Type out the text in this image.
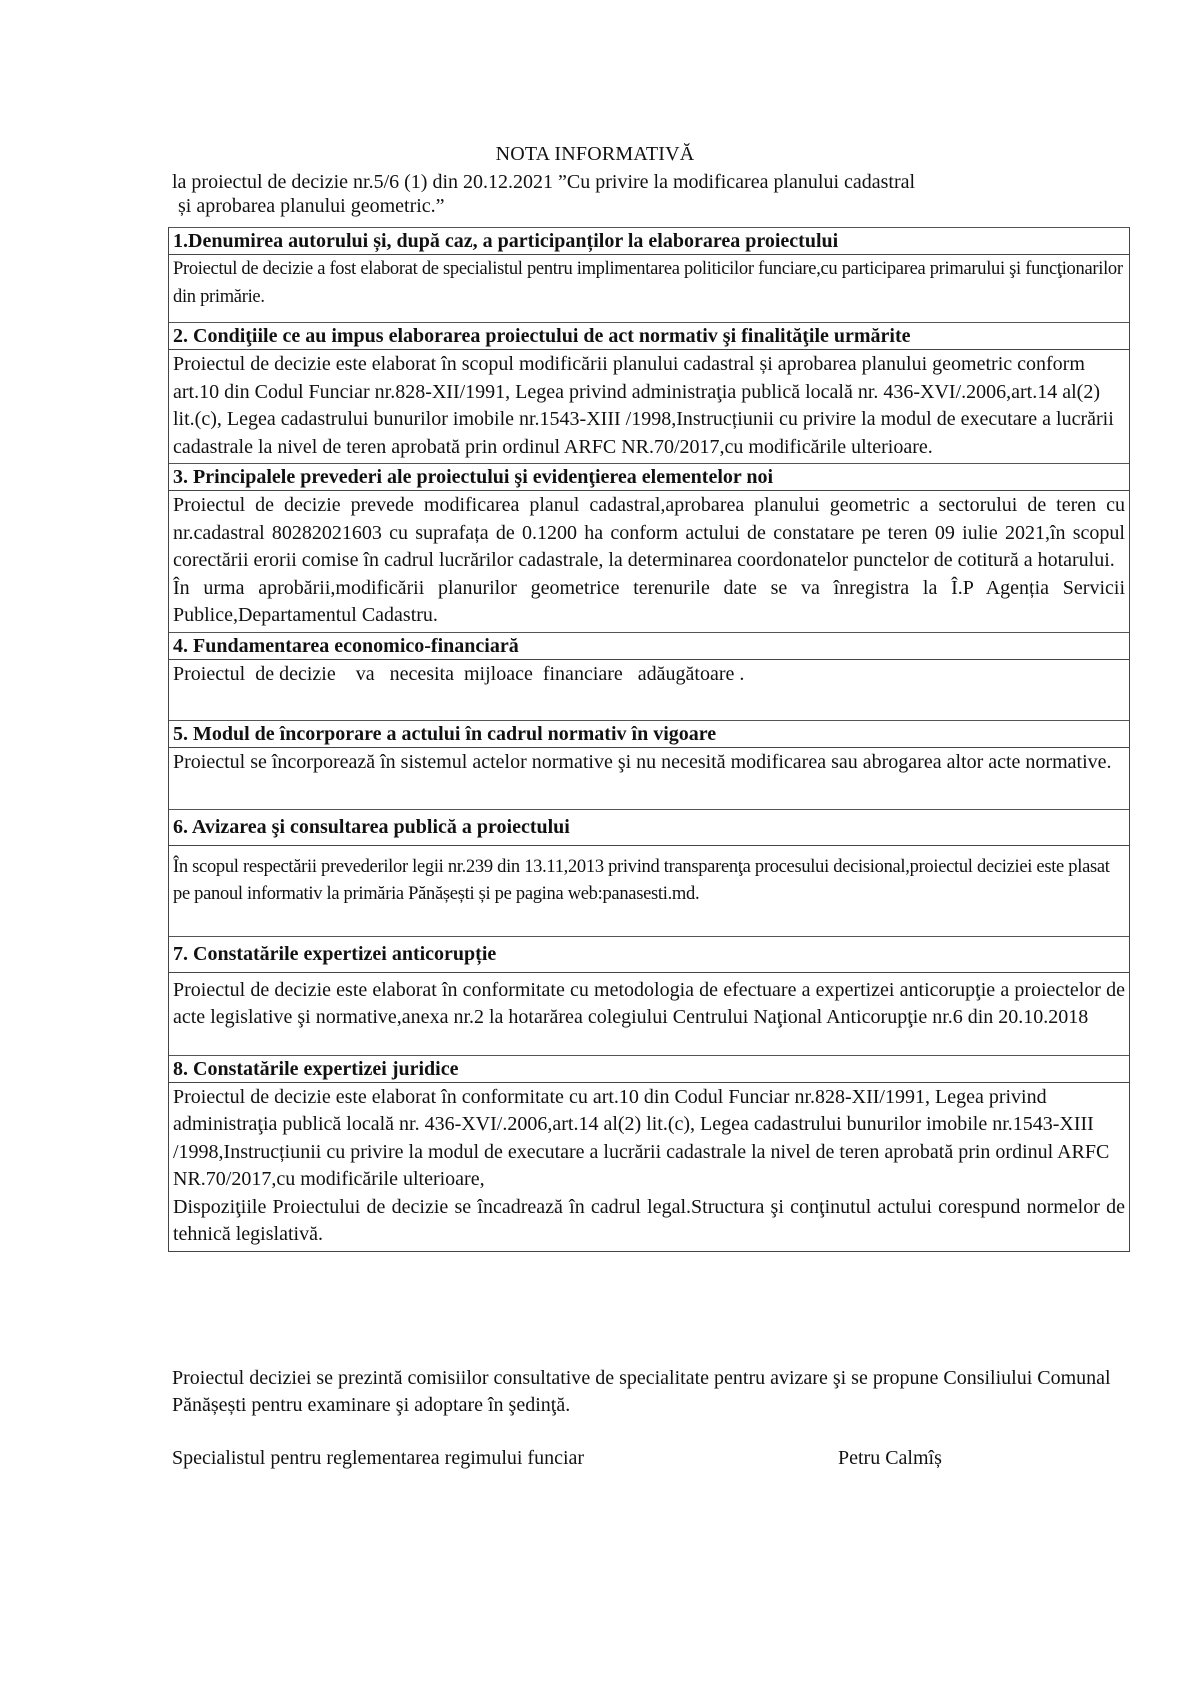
NOTA INFORMATIVĂ
la proiectul de decizie nr.5/6 (1) din 20.12.2021 ”Cu privire la modificarea planului cadastral
și aprobarea planului geometric.”
1.Denumirea autorului și, după caz, a participanților la elaborarea proiectului

Proiectul de decizie a fost elaborat de specialistul pentru implimentarea politicilor funciare,cu participarea primarului şi funcţionarilor din primărie.

2. Condiţiile ce au impus elaborarea proiectului de act normativ şi finalităţile urmărite

Proiectul de decizie este elaborat în scopul modificării planului cadastral și aprobarea planului geometric conform art.10 din Codul Funciar nr.828-XII/1991, Legea privind administraţia publică locală nr. 436-XVI/.2006,art.14 al(2) lit.(c), Legea cadastrului bunurilor imobile nr.1543-XIII /1998,Instrucțiunii cu privire la modul de executare a lucrării cadastrale la nivel de teren aprobată prin ordinul ARFC NR.70/2017,cu modificările ulterioare.

3. Principalele prevederi ale proiectului şi evidenţierea elementelor noi

Proiectul de decizie prevede modificarea planul cadastral,aprobarea planului geometric a sectorului de teren cu nr.cadastral 80282021603 cu suprafața de 0.1200 ha conform actului de constatare pe teren 09 iulie 2021,în scopul corectării erorii comise în cadrul lucrărilor cadastrale, la determinarea coordonatelor punctelor de cotitură a hotarului.

În urma aprobării,modificării planurilor geometrice terenurile date se va înregistra la Î.P Agenția Servicii Publice,Departamentul Cadastru.

4. Fundamentarea economico-financiară

Proiectul  de decizie    va   necesita  mijloace  financiare   adăugătoare .

5. Modul de încorporare a actului în cadrul normativ în vigoare

Proiectul se încorporează în sistemul actelor normative şi nu necesită modificarea sau abrogarea altor acte normative.

6. Avizarea şi consultarea publică a proiectului

În scopul respectării prevederilor legii nr.239 din 13.11,2013 privind transparenţa procesului decisional,proiectul deciziei este plasat pe panoul informativ la primăria Pănășești și pe pagina web:panasesti.md.

7. Constatările expertizei anticorupție

Proiectul de decizie este elaborat în conformitate cu metodologia de efectuare a expertizei anticorupţie a proiectelor de acte legislative şi normative,anexa nr.2 la hotarărea colegiului Centrului Naţional Anticorupţie nr.6 din 20.10.2018

8. Constatările expertizei juridice

Proiectul de decizie este elaborat în conformitate cu art.10 din Codul Funciar nr.828-XII/1991, Legea privind administraţia publică locală nr. 436-XVI/.2006,art.14 al(2) lit.(c), Legea cadastrului bunurilor imobile nr.1543-XIII /1998,Instrucțiunii cu privire la modul de executare a lucrării cadastrale la nivel de teren aprobată prin ordinul ARFC NR.70/2017,cu modificările ulterioare,

Dispoziţiile Proiectului de decizie se încadrează în cadrul legal.Structura şi conţinutul actului corespund normelor de tehnică legislativă.

Proiectul deciziei se prezintă comisiilor consultative de specialitate pentru avizare şi se propune Consiliului Comunal Pănășești pentru examinare şi adoptare în şedinţă.

Specialistul pentru reglementarea regimului funciar	Petru Calmîș
